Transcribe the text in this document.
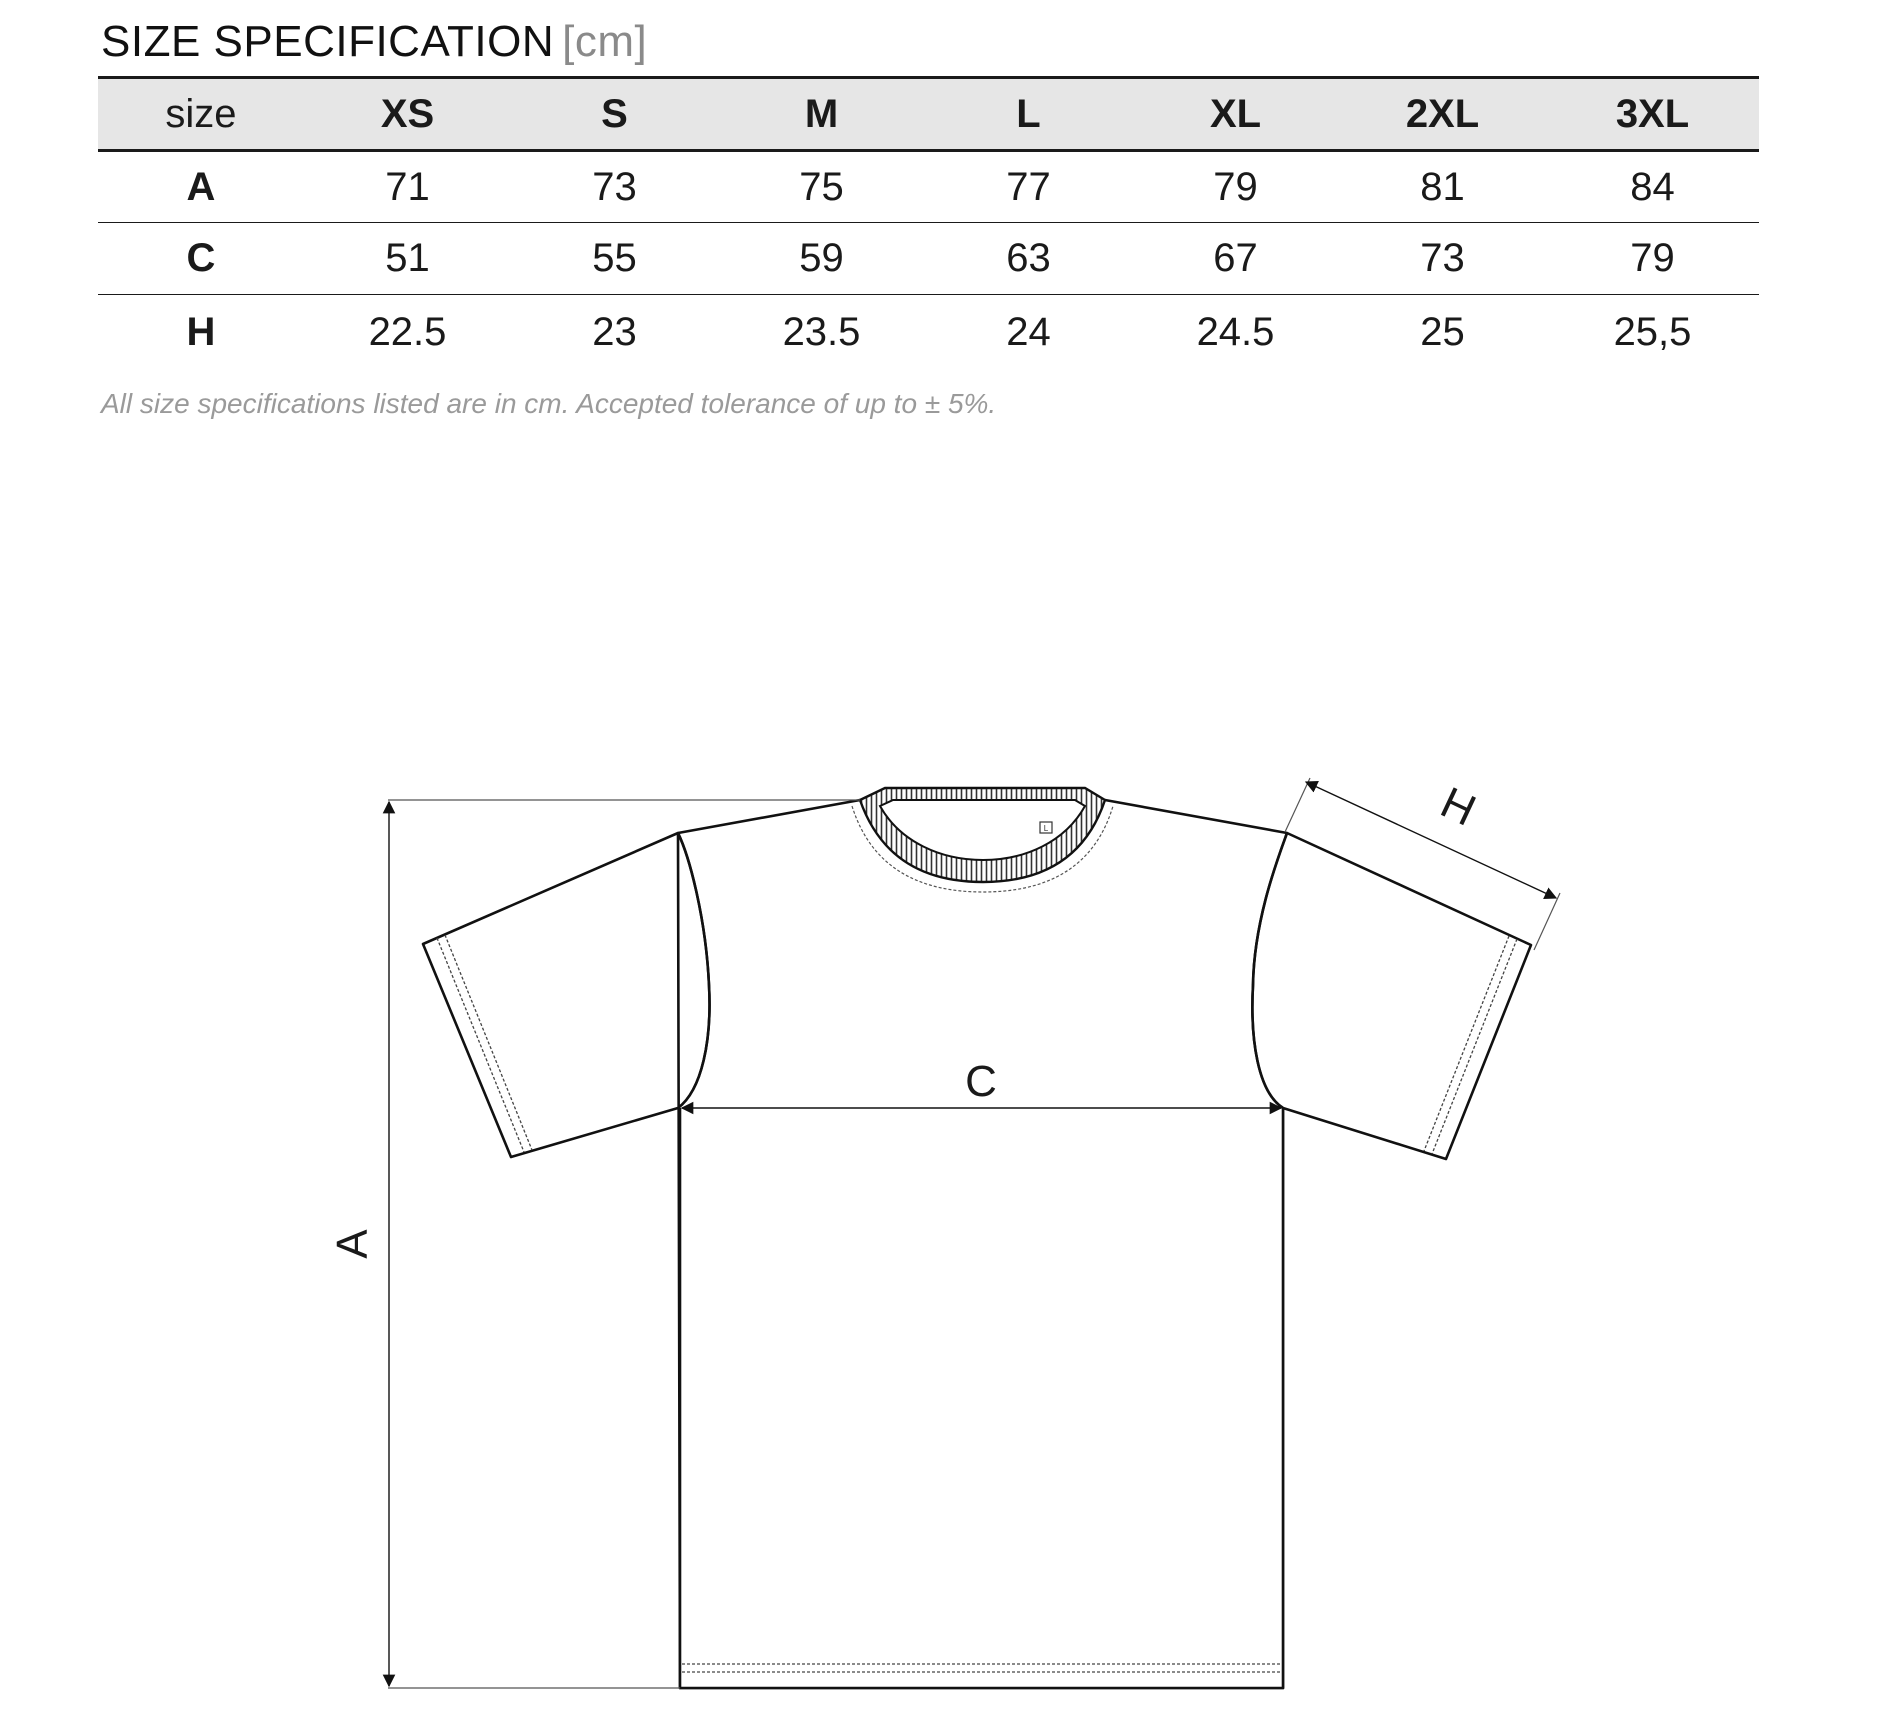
SIZE SPECIFICATION [cm]
size	XS	S	M	L	XL	2XL	3XL
A	71	73	75	77	79	81	84
C	51	55	59	63	67	73	79
H	22.5	23	23.5	24	24.5	25	25,5
All size specifications listed are in cm. Accepted tolerance of up to ± 5%.
L
A
C
H
